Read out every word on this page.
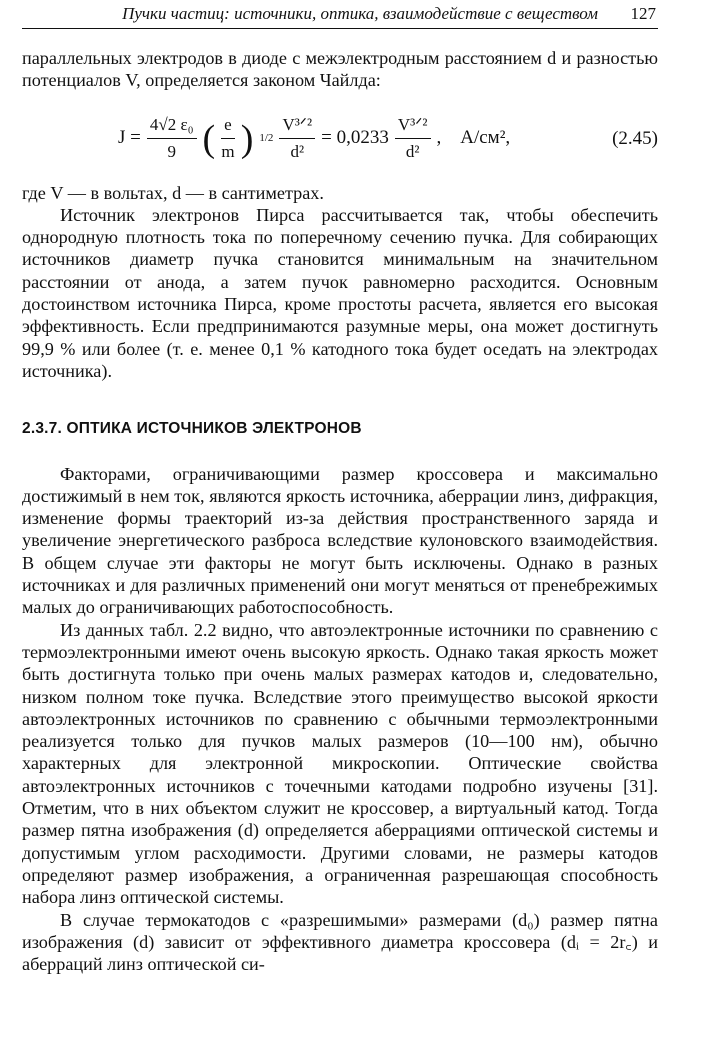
Пучки частиц: источники, оптика, взаимодействие с веществом 127

параллельных электродов в диоде с межэлектродным расстоянием d и разностью потенциалов V, определяется законом Чайлда:

$J = \frac{\text{4√2 ε₀}}{9}$ ( $\frac{e}{m}$ ) $1/2 \frac{\text{V³ᐟ²}}{\text{d²}} = 0,0233 \frac{\text{V³ᐟ²}}{\text{d²}}$ ,    А/см²,	(2.45)

где V — в вольтах, d — в сантиметрах.

Источник электронов Пирса рассчитывается так, чтобы обеспечить однородную плотность тока по поперечному сечению пучка. Для собирающих источников диаметр пучка становится минимальным на значительном расстоянии от анода, а затем пучок равномерно расходится. Основным достоинством источника Пирса, кроме простоты расчета, является его высокая эффективность. Если предпринимаются разумные меры, она может достигнуть 99,9 % или более (т. е. менее 0,1 % катодного тока будет оседать на электродах источника).

2.3.7. ОПТИКА ИСТОЧНИКОВ ЭЛЕКТРОНОВ

Факторами, ограничивающими размер кроссовера и максимально достижимый в нем ток, являются яркость источника, аберрации линз, дифракция, изменение формы траекторий из-за действия пространственного заряда и увеличение энергетического разброса вследствие кулоновского взаимодействия. В общем случае эти факторы не могут быть исключены. Однако в разных источниках и для различных применений они могут меняться от пренебрежимых малых до ограничивающих работоспособность.

Из данных табл. 2.2 видно, что автоэлектронные источники по сравнению с термоэлектронными имеют очень высокую яркость. Однако такая яркость может быть достигнута только при очень малых размерах катодов и, следовательно, низком полном токе пучка. Вследствие этого преимущество высокой яркости автоэлектронных источников по сравнению с обычными термоэлектронными реализуется только для пучков малых размеров (10—100 нм), обычно характерных для электронной микроскопии. Оптические свойства автоэлектронных источников с точечными катодами подробно изучены [31]. Отметим, что в них объектом служит не кроссовер, а виртуальный катод. Тогда размер пятна изображения (d) определяется аберрациями оптической системы и допустимым углом расходимости. Другими словами, не размеры катодов определяют размер изображения, а ограниченная разрешающая способность набора линз оптической системы.

В случае термокатодов с «разрешимыми» размерами (d₀) размер пятна изображения (d) зависит от эффективного диаметра кроссовера (dᵢ = 2r꜀) и аберраций линз оптической си-
